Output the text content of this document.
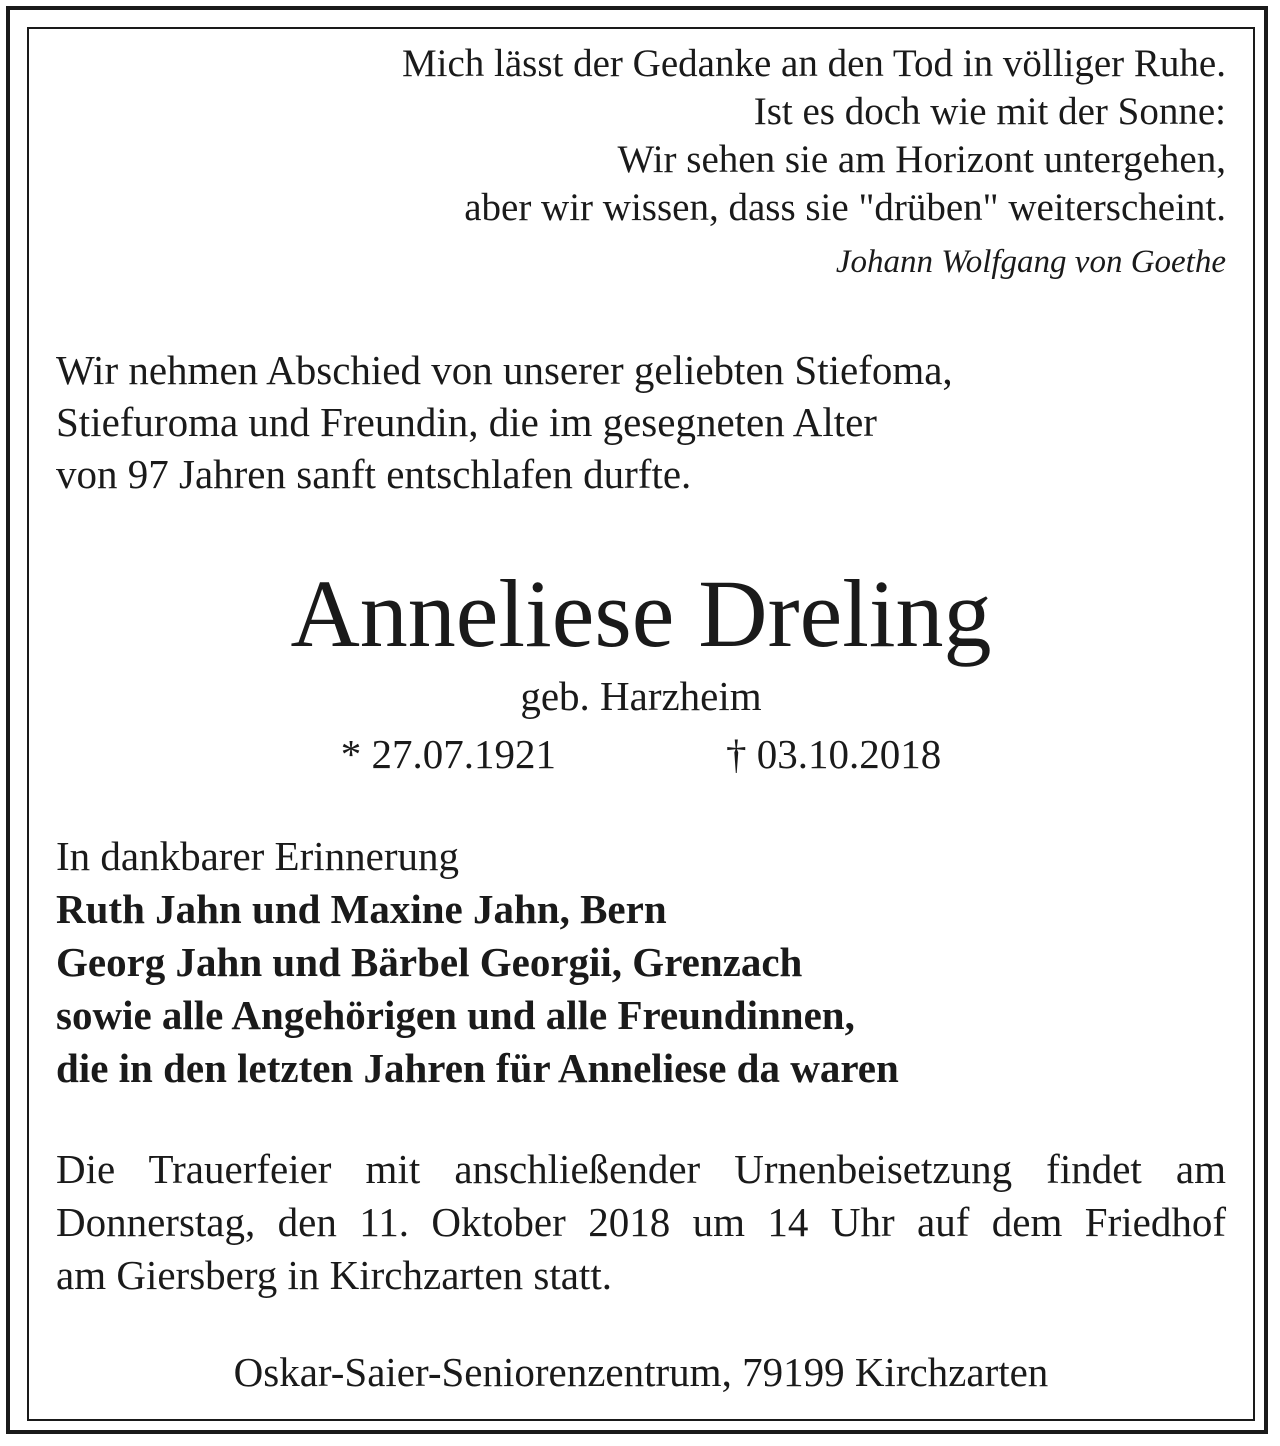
Mich lässt der Gedanke an den Tod in völliger Ruhe.
Ist es doch wie mit der Sonne:
Wir sehen sie am Horizont untergehen,
aber wir wissen, dass sie "drüben" weiterscheint.
Johann Wolfgang von Goethe
Wir nehmen Abschied von unserer geliebten Stiefoma,
Stiefuroma und Freundin, die im gesegneten Alter
von 97 Jahren sanft entschlafen durfte.
Anneliese Dreling
geb. Harzheim
* 27.07.1921	† 03.10.2018
In dankbarer Erinnerung
Ruth Jahn und Maxine Jahn, Bern
Georg Jahn und Bärbel Georgii, Grenzach
sowie alle Angehörigen und alle Freundinnen,
die in den letzten Jahren für Anneliese da waren
Die Trauerfeier mit anschließender Urnenbeisetzung findet am
Donnerstag, den 11. Oktober 2018 um 14 Uhr auf dem Friedhof
am Giersberg in Kirchzarten statt.
Oskar-Saier-Seniorenzentrum, 79199 Kirchzarten
